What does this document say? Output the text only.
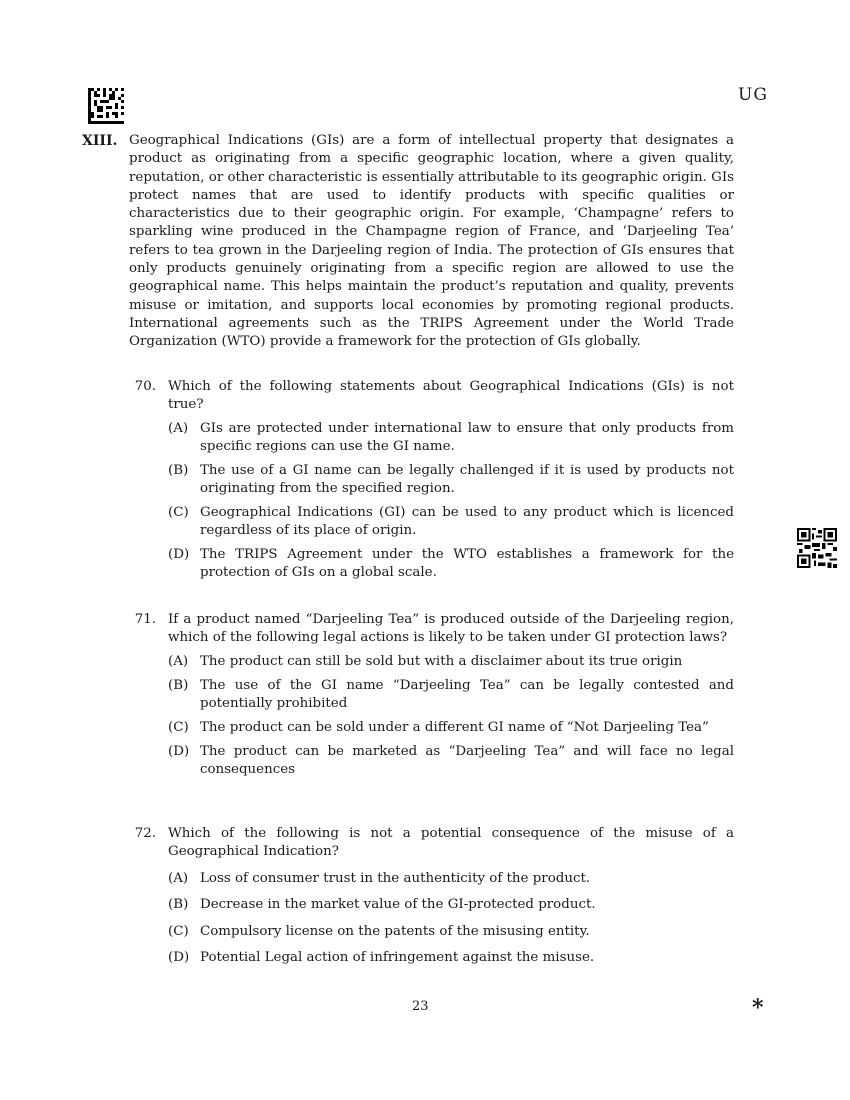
UG
XIII. Geographical Indications (GIs) are a form of intellectual property that designates a product as originating from a specific geographic location, where a given quality, reputation, or other characteristic is essentially attributable to its geographic origin. GIs protect names that are used to identify products with specific qualities or characteristics due to their geographic origin. For example, ‘Champagne’ refers to sparkling wine produced in the Champagne region of France, and ‘Darjeeling Tea’ refers to tea grown in the Darjeeling region of India. The protection of GIs ensures that only products genuinely originating from a specific region are allowed to use the geographical name. This helps maintain the product’s reputation and quality, prevents misuse or imitation, and supports local economies by promoting regional products. International agreements such as the TRIPS Agreement under the World Trade Organization (WTO) provide a framework for the protection of GIs globally.
70. Which of the following statements about Geographical Indications (GIs) is not true?
(A) GIs are protected under international law to ensure that only products from specific regions can use the GI name.
(B) The use of a GI name can be legally challenged if it is used by products not originating from the specified region.
(C) Geographical Indications (GI) can be used to any product which is licenced regardless of its place of origin.
(D) The TRIPS Agreement under the WTO establishes a framework for the protection of GIs on a global scale.
71. If a product named “Darjeeling Tea” is produced outside of the Darjeeling region, which of the following legal actions is likely to be taken under GI protection laws?
(A) The product can still be sold but with a disclaimer about its true origin
(B) The use of the GI name “Darjeeling Tea” can be legally contested and potentially prohibited
(C) The product can be sold under a different GI name of “Not Darjeeling Tea”
(D) The product can be marketed as “Darjeeling Tea” and will face no legal consequences
72. Which of the following is not a potential consequence of the misuse of a Geographical Indication?
(A) Loss of consumer trust in the authenticity of the product.
(B) Decrease in the market value of the GI-protected product.
(C) Compulsory license on the patents of the misusing entity.
(D) Potential Legal action of infringement against the misuse.
23	*
